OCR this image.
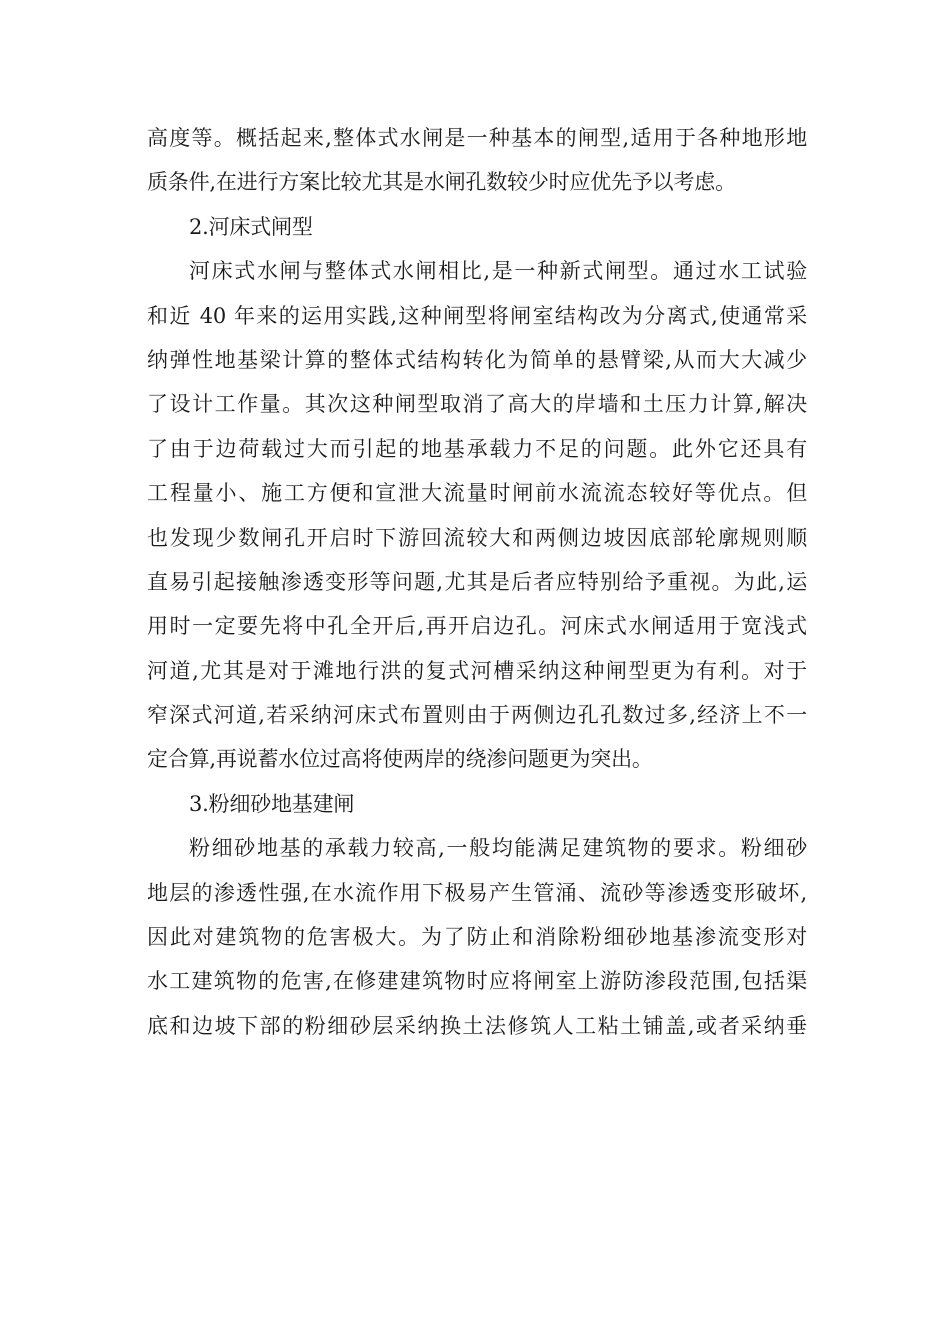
高度等。概括起来,整体式水闸是一种基本的闸型,适用于各种地形地
质条件,在进行方案比较尤其是水闸孔数较少时应优先予以考虑。

2.河床式闸型

河床式水闸与整体式水闸相比,是一种新式闸型。通过水工试验
和近 40 年来的运用实践,这种闸型将闸室结构改为分离式,使通常采
纳弹性地基梁计算的整体式结构转化为简单的悬臂梁,从而大大减少
了设计工作量。其次这种闸型取消了高大的岸墙和土压力计算,解决
了由于边荷载过大而引起的地基承载力不足的问题。此外它还具有
工程量小、施工方便和宣泄大流量时闸前水流流态较好等优点。但
也发现少数闸孔开启时下游回流较大和两侧边坡因底部轮廓规则顺
直易引起接触渗透变形等问题,尤其是后者应特别给予重视。为此,运
用时一定要先将中孔全开后,再开启边孔。河床式水闸适用于宽浅式
河道,尤其是对于滩地行洪的复式河槽采纳这种闸型更为有利。对于
窄深式河道,若采纳河床式布置则由于两侧边孔孔数过多,经济上不一
定合算,再说蓄水位过高将使两岸的绕渗问题更为突出。

3.粉细砂地基建闸

粉细砂地基的承载力较高,一般均能满足建筑物的要求。粉细砂
地层的渗透性强,在水流作用下极易产生管涌、流砂等渗透变形破坏,
因此对建筑物的危害极大。为了防止和消除粉细砂地基渗流变形对
水工建筑物的危害,在修建建筑物时应将闸室上游防渗段范围,包括渠
底和边坡下部的粉细砂层采纳换土法修筑人工粘土铺盖,或者采纳垂
